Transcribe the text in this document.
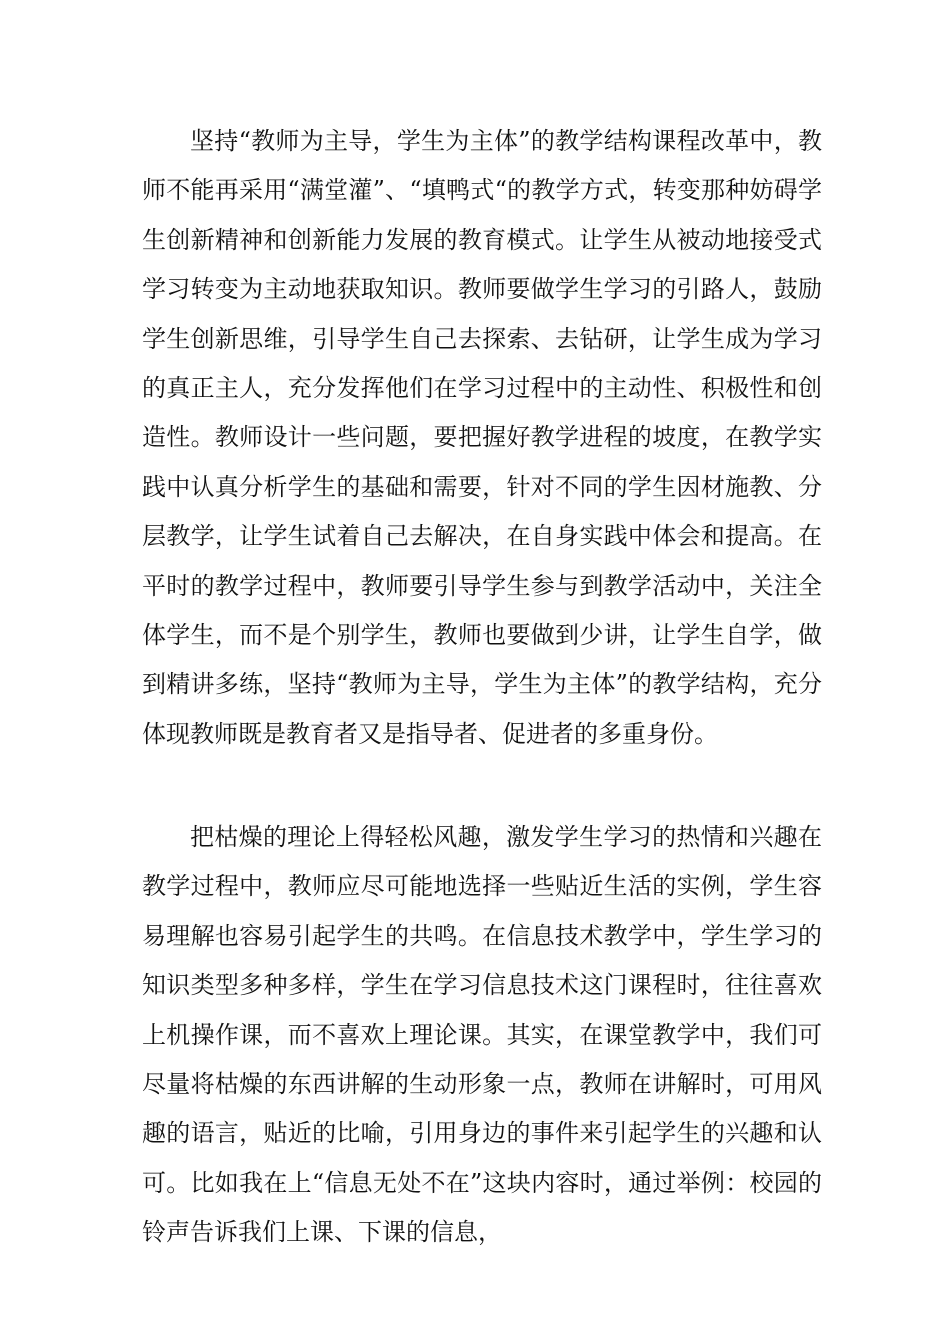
坚持“教师为主导，学生为主体”的教学结构课程改革中，教师不能再采用“满堂灌”、“填鸭式“的教学方式，转变那种妨碍学生创新精神和创新能力发展的教育模式。让学生从被动地接受式学习转变为主动地获取知识。教师要做学生学习的引路人，鼓励学生创新思维，引导学生自己去探索、去钻研，让学生成为学习的真正主人，充分发挥他们在学习过程中的主动性、积极性和创造性。教师设计一些问题，要把握好教学进程的坡度，在教学实践中认真分析学生的基础和需要，针对不同的学生因材施教、分层教学，让学生试着自己去解决，在自身实践中体会和提高。在平时的教学过程中，教师要引导学生参与到教学活动中，关注全体学生，而不是个别学生，教师也要做到少讲，让学生自学，做到精讲多练，坚持“教师为主导，学生为主体”的教学结构，充分体现教师既是教育者又是指导者、促进者的多重身份。

把枯燥的理论上得轻松风趣，激发学生学习的热情和兴趣在教学过程中，教师应尽可能地选择一些贴近生活的实例，学生容易理解也容易引起学生的共鸣。在信息技术教学中，学生学习的知识类型多种多样，学生在学习信息技术这门课程时，往往喜欢上机操作课，而不喜欢上理论课。其实，在课堂教学中，我们可尽量将枯燥的东西讲解的生动形象一点，教师在讲解时，可用风趣的语言，贴近的比喻，引用身边的事件来引起学生的兴趣和认可。比如我在上“信息无处不在”这块内容时，通过举例：校园的铃声告诉我们上课、下课的信息，
